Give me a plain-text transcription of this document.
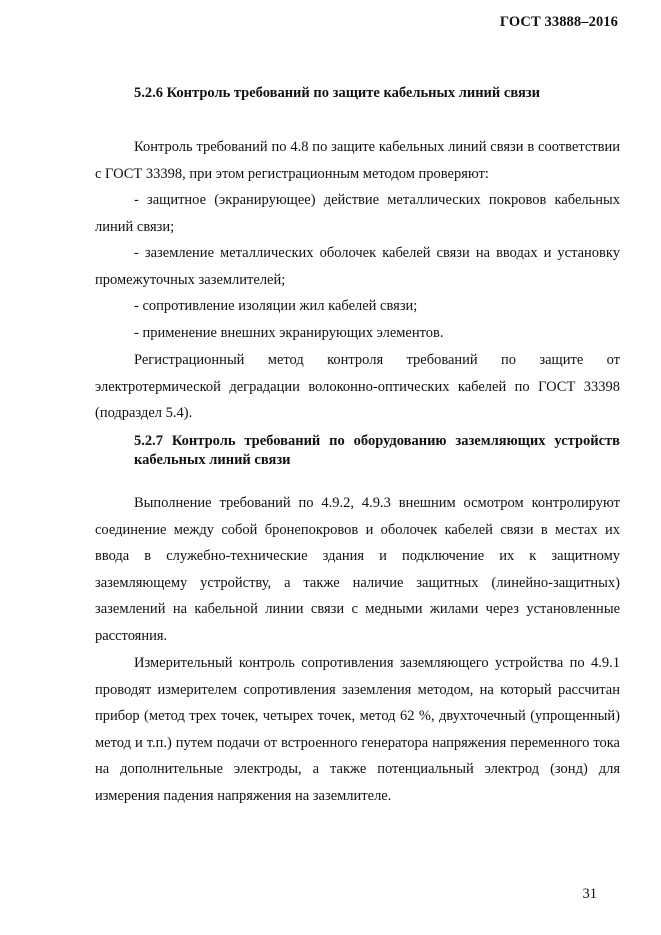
ГОСТ 33888–2016
5.2.6 Контроль требований по защите кабельных линий связи
Контроль требований по 4.8 по защите кабельных линий связи в соответствии с ГОСТ 33398, при этом регистрационным методом проверяют:
- защитное (экранирующее) действие металлических покровов кабельных линий связи;
- заземление металлических оболочек кабелей связи на вводах и установку промежуточных заземлителей;
- сопротивление изоляции жил кабелей связи;
- применение внешних экранирующих элементов.
Регистрационный метод контроля требований по защите от электротермической деградации волоконно-оптических кабелей по ГОСТ 33398 (подраздел 5.4).
5.2.7 Контроль требований по оборудованию заземляющих устройств кабельных линий связи
Выполнение требований по 4.9.2, 4.9.3 внешним осмотром контролируют соединение между собой бронепокровов и оболочек кабелей связи в местах их ввода в служебно-технические здания и подключение их к защитному заземляющему устройству, а также наличие защитных (линейно-защитных) заземлений на кабельной линии связи с медными жилами через установленные расстояния.
Измерительный контроль сопротивления заземляющего устройства по 4.9.1 проводят измерителем сопротивления заземления методом, на который рассчитан прибор (метод трех точек, четырех точек, метод 62 %, двухточечный (упрощенный) метод и т.п.) путем подачи от встроенного генератора напряжения переменного тока на дополнительные электроды, а также потенциальный электрод (зонд) для измерения падения напряжения на заземлителе.
31
